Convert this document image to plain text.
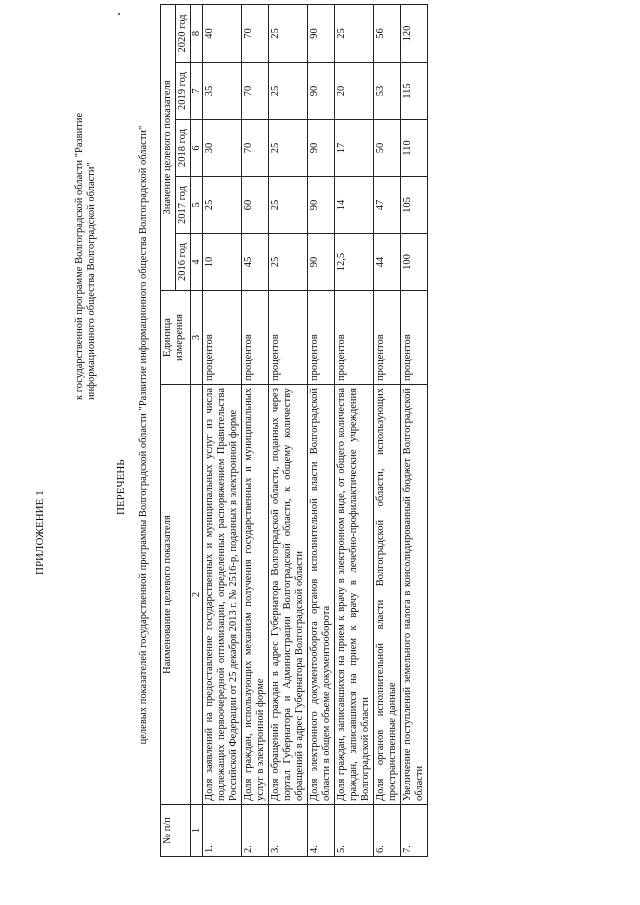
ПРИЛОЖЕНИЕ 1
к государственной программе Волгоградской области "Развитие информационного общества Волгоградской области"
ПЕРЕЧЕНЬ целевых показателей государственной программы Волгоградской области "Развитие информационного общества Волгоградской области"
№ п/п	Наименование целевого показателя	Единица измерения	Значение целевого показателя				
			2016 год	2017 год	2018 год	2019 год	2020 год
1	2	3	4	5	6	7	8
1.	Доля заявлений на предоставление государственных и муниципальных услуг из числа подлежащих первоочередной оптимизации, определенных распоряжением Правительства Российской Федерации от 25 декабря 2013 г. № 2516-р, поданных в электронной форме	процентов	10	25	30	35	40
2.	Доля граждан, использующих механизм получения государственных и муниципальных услуг в электронной форме	процентов	45	60	70	70	70
3.	Доля обращений граждан в адрес Губернатора Волгоградской области, поданных через портал Губернатора и Администрации Волгоградской области, к общему количеству обращений в адрес Губернатора Волгоградской области	процентов	25	25	25	25	25
4.	Доля электронного документооборота органов исполнительной власти Волгоградской области в общем объеме документооборота	процентов	90	90	90	90	90
5.	Доля граждан, записавшихся на прием к врачу в электронном виде, от общего количества граждан, записавшихся на прием к врачу в лечебно-профилактические учреждения Волгоградской области	процентов	12,5	14	17	20	25
6.	Доля органов исполнительной власти Волгоградской области, использующих пространственные данные	процентов	44	47	50	53	56
7.	Увеличение поступлений земельного налога в консолидированный бюджет Волгоградской области	процентов	100	105	110	115	120
